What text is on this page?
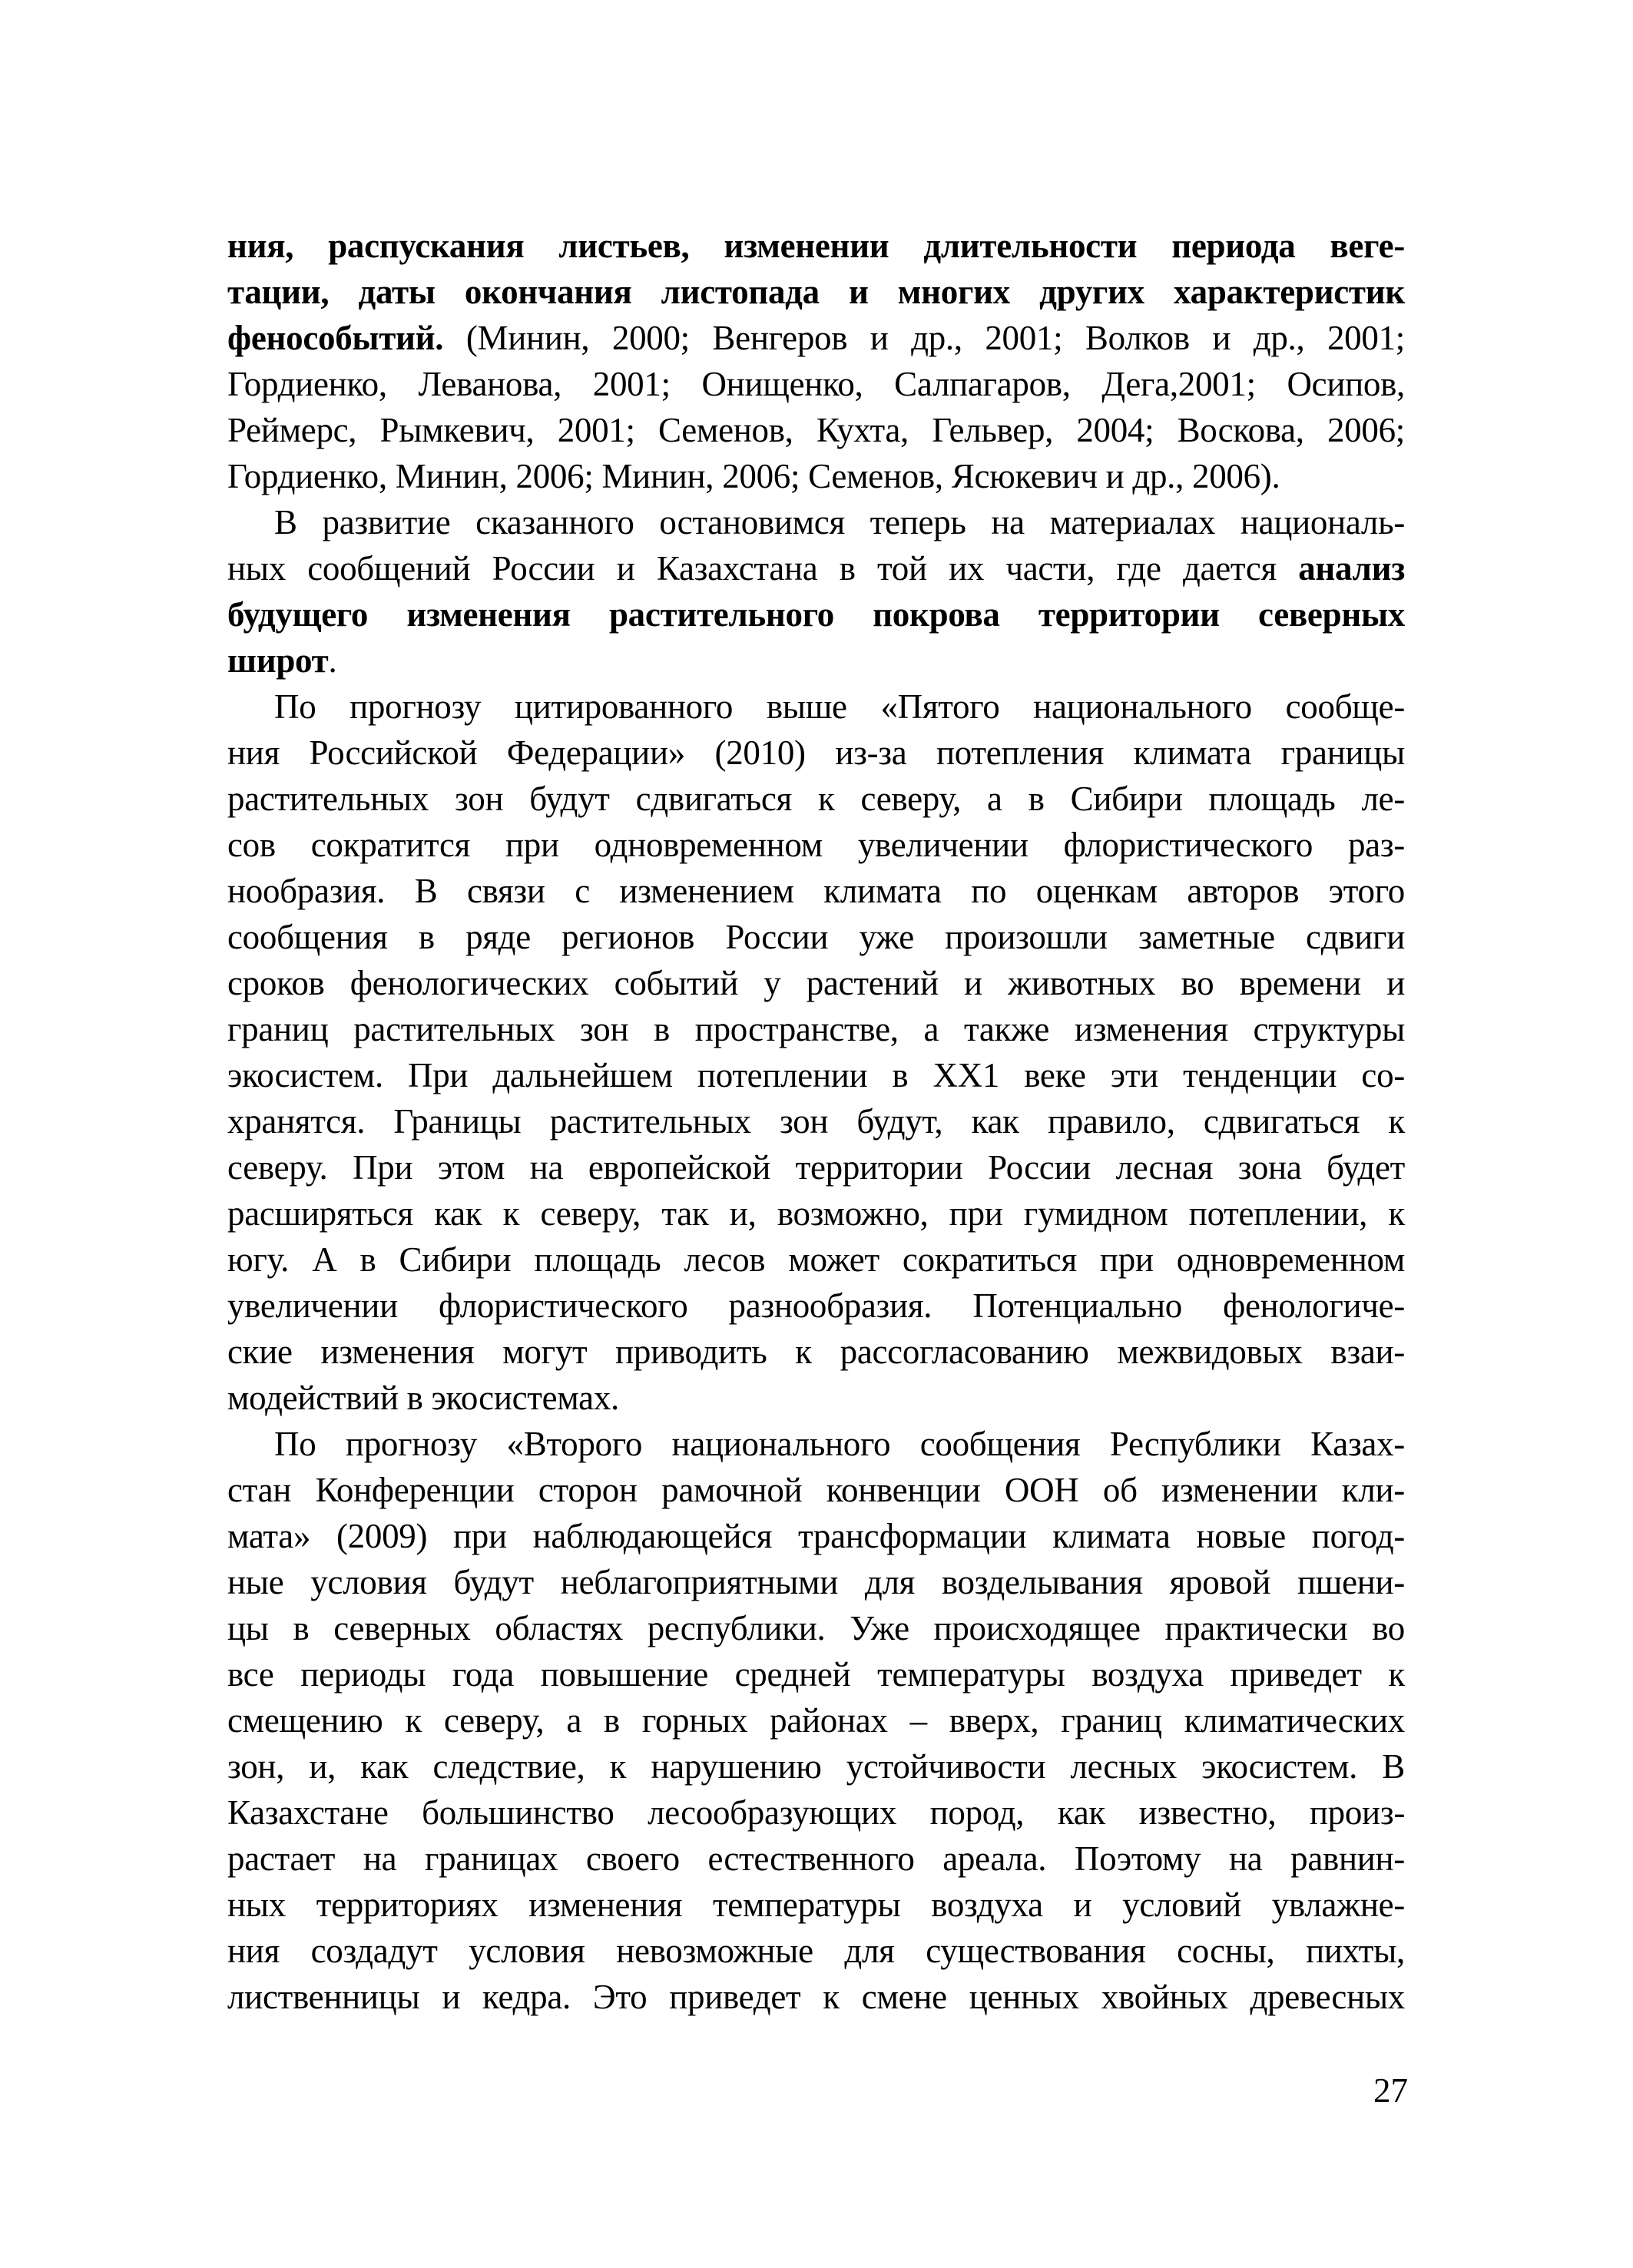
ния, распускания листьев, изменении длительности периода веге-
тации, даты окончания листопада и многих других характеристик
фенособытий. (Минин, 2000; Венгеров и др., 2001; Волков и др., 2001;
Гордиенко, Леванова, 2001; Онищенко, Салпагаров, Дега,2001; Осипов,
Реймерс, Рымкевич, 2001; Семенов, Кухта, Гельвер, 2004; Воскова, 2006;
Гордиенко, Минин, 2006; Минин, 2006; Семенов, Ясюкевич и др., 2006).
В развитие сказанного остановимся теперь на материалах националь-
ных сообщений России и Казахстана в той их части, где дается анализ
будущего изменения растительного покрова территории северных
широт.
По прогнозу цитированного выше «Пятого национального сообще-
ния Российской Федерации» (2010) из-за потепления климата границы
растительных зон будут сдвигаться к северу, а в Сибири площадь ле-
сов сократится при одновременном увеличении флористического раз-
нообразия. В связи с изменением климата по оценкам авторов этого
сообщения в ряде регионов России уже произошли заметные сдвиги
сроков фенологических событий у растений и животных во времени и
границ растительных зон в пространстве, а также изменения структуры
экосистем. При дальнейшем потеплении в XX1 веке эти тенденции со-
хранятся. Границы растительных зон будут, как правило, сдвигаться к
северу. При этом на европейской территории России лесная зона будет
расширяться как к северу, так и, возможно, при гумидном потеплении, к
югу. А в Сибири площадь лесов может сократиться при одновременном
увеличении флористического разнообразия. Потенциально фенологиче-
ские изменения могут приводить к рассогласованию межвидовых взаи-
модействий в экосистемах.
По прогнозу «Второго национального сообщения Республики Казах-
стан Конференции сторон рамочной конвенции ООН об изменении кли-
мата» (2009) при наблюдающейся трансформации климата новые погод-
ные условия будут неблагоприятными для возделывания яровой пшени-
цы в северных областях республики. Уже происходящее практически во
все периоды года повышение средней температуры воздуха приведет к
смещению к северу, а в горных районах – вверх, границ климатических
зон, и, как следствие, к нарушению устойчивости лесных экосистем. В
Казахстане большинство лесообразующих пород, как известно, произ-
растает на границах своего естественного ареала. Поэтому на равнин-
ных территориях изменения температуры воздуха и условий увлажне-
ния создадут условия невозможные для существования сосны, пихты,
лиственницы и кедра. Это приведет к смене ценных хвойных древесных
27
